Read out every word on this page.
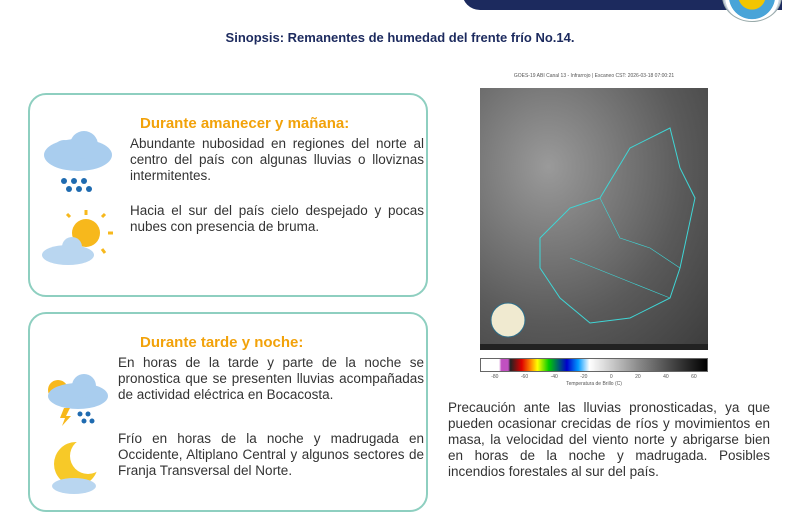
Sinopsis: Remanentes de humedad del frente frío No.14.
Durante amanecer y mañana:
Abundante nubosidad en regiones del norte al centro del país con algunas lluvias o lloviznas intermitentes.
Hacia el sur del país cielo despejado y pocas nubes con presencia de bruma.
Durante tarde y noche:
En horas de la tarde y parte de la noche se pronostica que se presenten lluvias acompañadas de actividad eléctrica en Bocacosta.
Frío en horas de la noche y madrugada en Occidente, Altiplano Central y algunos sectores de Franja Transversal del Norte.
GOES-19 ABI Canal 13 - Infrarrojo | Escaneo CST: 2026-03-18 07:00:21
-80	-60	-40	-20	0	20	40	60
Temperatura de Brillo (C)
Precaución ante las lluvias pronosticadas, ya que pueden ocasionar crecidas de ríos y movimientos en masa, la velocidad del viento norte y abrigarse bien en horas de la noche y madrugada. Posibles incendios forestales al sur del país.
